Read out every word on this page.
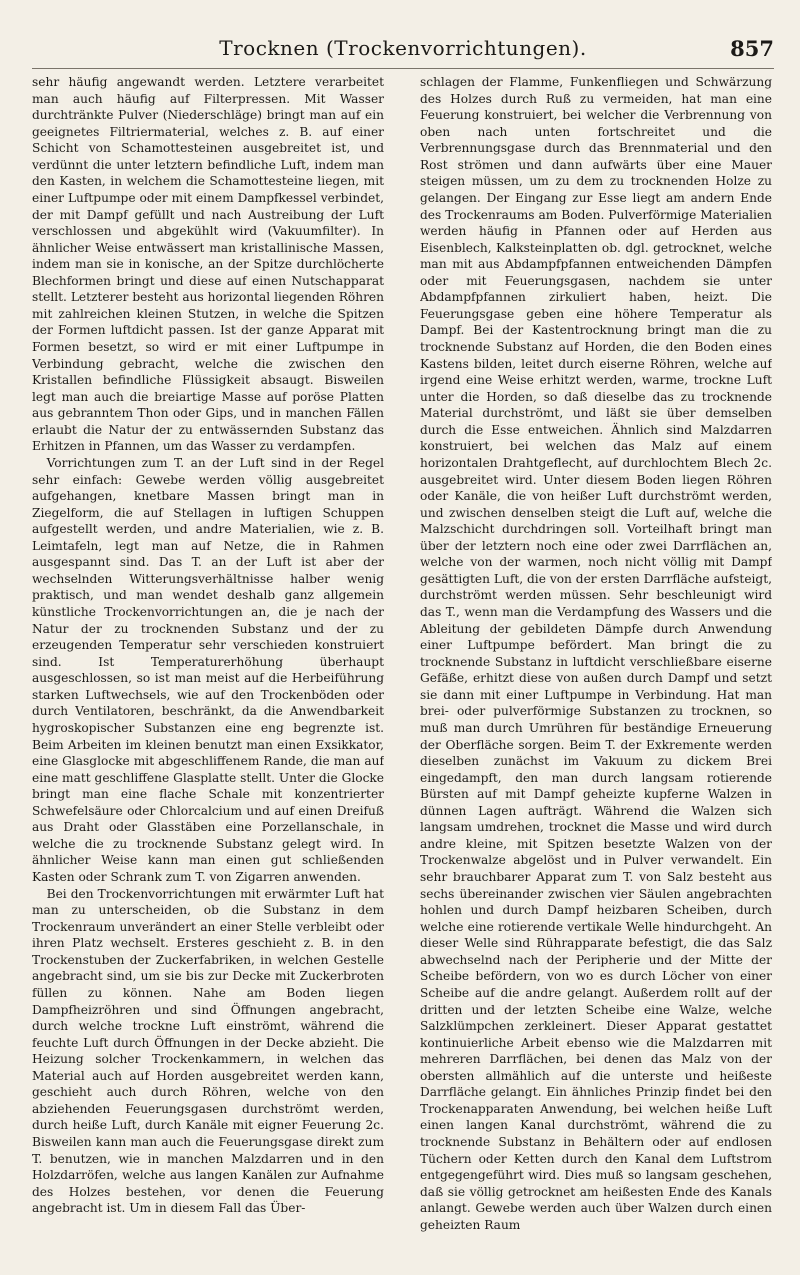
Trocknen (Trockenvorrichtungen).	857

sehr häufig angewandt werden. Letztere verarbeitet man auch häufig auf Filterpressen. Mit Wasser durchtränkte Pulver (Niederschläge) bringt man auf ein geeignetes Filtriermaterial, welches z. B. auf einer Schicht von Schamottesteinen ausgebreitet ist, und verdünnt die unter letztern befindliche Luft, indem man den Kasten, in welchem die Schamottesteine liegen, mit einer Luftpumpe oder mit einem Dampfkessel verbindet, der mit Dampf gefüllt und nach Austreibung der Luft verschlossen und abgekühlt wird (Vakuumfilter). In ähnlicher Weise entwässert man kristallinische Massen, indem man sie in konische, an der Spitze durchlöcherte Blechformen bringt und diese auf einen Nutschapparat stellt. Letzterer besteht aus horizontal liegenden Röhren mit zahlreichen kleinen Stutzen, in welche die Spitzen der Formen luftdicht passen. Ist der ganze Apparat mit Formen besetzt, so wird er mit einer Luftpumpe in Verbindung gebracht, welche die zwischen den Kristallen befindliche Flüssigkeit absaugt. Bisweilen legt man auch die breiartige Masse auf poröse Platten aus gebranntem Thon oder Gips, und in manchen Fällen erlaubt die Natur der zu entwässernden Substanz das Erhitzen in Pfannen, um das Wasser zu verdampfen.

Vorrichtungen zum T. an der Luft sind in der Regel sehr einfach: Gewebe werden völlig ausgebreitet aufgehangen, knetbare Massen bringt man in Ziegelform, die auf Stellagen in luftigen Schuppen aufgestellt werden, und andre Materialien, wie z. B. Leimtafeln, legt man auf Netze, die in Rahmen ausgespannt sind. Das T. an der Luft ist aber der wechselnden Witterungsverhältnisse halber wenig praktisch, und man wendet deshalb ganz allgemein künstliche Trockenvorrichtungen an, die je nach der Natur der zu trocknenden Substanz und der zu erzeugenden Temperatur sehr verschieden konstruiert sind. Ist Temperaturerhöhung überhaupt ausgeschlossen, so ist man meist auf die Herbeiführung starken Luftwechsels, wie auf den Trockenböden oder durch Ventilatoren, beschränkt, da die Anwendbarkeit hygroskopischer Substanzen eine eng begrenzte ist. Beim Arbeiten im kleinen benutzt man einen Exsikkator, eine Glasglocke mit abgeschliffenem Rande, die man auf eine matt geschliffene Glasplatte stellt. Unter die Glocke bringt man eine flache Schale mit konzentrierter Schwefelsäure oder Chlorcalcium und auf einen Dreifuß aus Draht oder Glasstäben eine Porzellanschale, in welche die zu trocknende Substanz gelegt wird. In ähnlicher Weise kann man einen gut schließenden Kasten oder Schrank zum T. von Zigarren anwenden.

Bei den Trockenvorrichtungen mit erwärmter Luft hat man zu unterscheiden, ob die Substanz in dem Trockenraum unverändert an einer Stelle verbleibt oder ihren Platz wechselt. Ersteres geschieht z. B. in den Trockenstuben der Zuckerfabriken, in welchen Gestelle angebracht sind, um sie bis zur Decke mit Zuckerbroten füllen zu können. Nahe am Boden liegen Dampfheizröhren und sind Öffnungen angebracht, durch welche trockne Luft einströmt, während die feuchte Luft durch Öffnungen in der Decke abzieht. Die Heizung solcher Trockenkammern, in welchen das Material auch auf Horden ausgebreitet werden kann, geschieht auch durch Röhren, welche von den abziehenden Feuerungsgasen durchströmt werden, durch heiße Luft, durch Kanäle mit eigner Feuerung 2c. Bisweilen kann man auch die Feuerungsgase direkt zum T. benutzen, wie in manchen Malzdarren und in den Holzdarröfen, welche aus langen Kanälen zur Aufnahme des Holzes bestehen, vor denen die Feuerung angebracht ist. Um in diesem Fall das Über-

schlagen der Flamme, Funkenfliegen und Schwärzung des Holzes durch Ruß zu vermeiden, hat man eine Feuerung konstruiert, bei welcher die Verbrennung von oben nach unten fortschreitet und die Verbrennungsgase durch das Brennmaterial und den Rost strömen und dann aufwärts über eine Mauer steigen müssen, um zu dem zu trocknenden Holze zu gelangen. Der Eingang zur Esse liegt am andern Ende des Trockenraums am Boden. Pulverförmige Materialien werden häufig in Pfannen oder auf Herden aus Eisenblech, Kalksteinplatten ob. dgl. getrocknet, welche man mit aus Abdampfpfannen entweichenden Dämpfen oder mit Feuerungsgasen, nachdem sie unter Abdampfpfannen zirkuliert haben, heizt. Die Feuerungsgase geben eine höhere Temperatur als Dampf. Bei der Kastentrocknung bringt man die zu trocknende Substanz auf Horden, die den Boden eines Kastens bilden, leitet durch eiserne Röhren, welche auf irgend eine Weise erhitzt werden, warme, trockne Luft unter die Horden, so daß dieselbe das zu trocknende Material durchströmt, und läßt sie über demselben durch die Esse entweichen. Ähnlich sind Malzdarren konstruiert, bei welchen das Malz auf einem horizontalen Drahtgeflecht, auf durchlochtem Blech 2c. ausgebreitet wird. Unter diesem Boden liegen Röhren oder Kanäle, die von heißer Luft durchströmt werden, und zwischen denselben steigt die Luft auf, welche die Malzschicht durchdringen soll. Vorteilhaft bringt man über der letztern noch eine oder zwei Darrflächen an, welche von der warmen, noch nicht völlig mit Dampf gesättigten Luft, die von der ersten Darrfläche aufsteigt, durchströmt werden müssen. Sehr beschleunigt wird das T., wenn man die Verdampfung des Wassers und die Ableitung der gebildeten Dämpfe durch Anwendung einer Luftpumpe befördert. Man bringt die zu trocknende Substanz in luftdicht verschließbare eiserne Gefäße, erhitzt diese von außen durch Dampf und setzt sie dann mit einer Luftpumpe in Verbindung. Hat man brei- oder pulverförmige Substanzen zu trocknen, so muß man durch Umrühren für beständige Erneuerung der Oberfläche sorgen. Beim T. der Exkremente werden dieselben zunächst im Vakuum zu dickem Brei eingedampft, den man durch langsam rotierende Bürsten auf mit Dampf geheizte kupferne Walzen in dünnen Lagen aufträgt. Während die Walzen sich langsam umdrehen, trocknet die Masse und wird durch andre kleine, mit Spitzen besetzte Walzen von der Trockenwalze abgelöst und in Pulver verwandelt. Ein sehr brauchbarer Apparat zum T. von Salz besteht aus sechs übereinander zwischen vier Säulen angebrachten hohlen und durch Dampf heizbaren Scheiben, durch welche eine rotierende vertikale Welle hindurchgeht. An dieser Welle sind Rührapparate befestigt, die das Salz abwechselnd nach der Peripherie und der Mitte der Scheibe befördern, von wo es durch Löcher von einer Scheibe auf die andre gelangt. Außerdem rollt auf der dritten und der letzten Scheibe eine Walze, welche Salzklümpchen zerkleinert. Dieser Apparat gestattet kontinuierliche Arbeit ebenso wie die Malzdarren mit mehreren Darrflächen, bei denen das Malz von der obersten allmählich auf die unterste und heißeste Darrfläche gelangt. Ein ähnliches Prinzip findet bei den Trockenapparaten Anwendung, bei welchen heiße Luft einen langen Kanal durchströmt, während die zu trocknende Substanz in Behältern oder auf endlosen Tüchern oder Ketten durch den Kanal dem Luftstrom entgegengeführt wird. Dies muß so langsam geschehen, daß sie völlig getrocknet am heißesten Ende des Kanals anlangt. Gewebe werden auch über Walzen durch einen geheizten Raum
